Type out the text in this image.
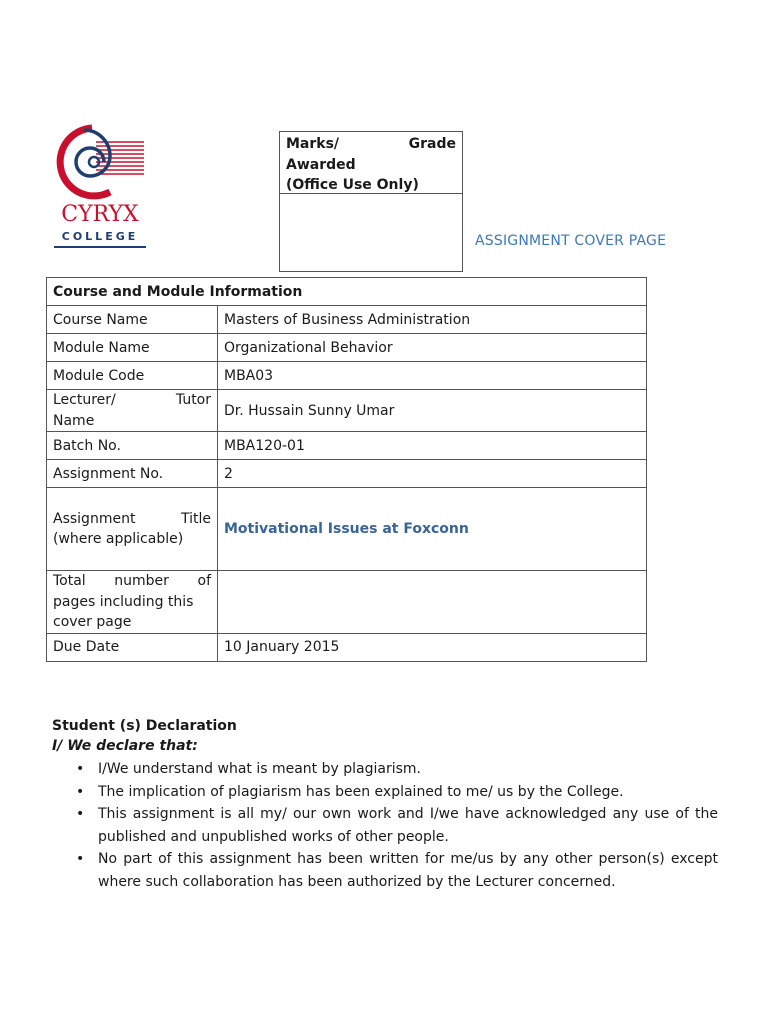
CYRYX
COLLEGE
Marks/	Grade
Awarded
(Office Use Only)
ASSIGNMENT COVER PAGE
Course and Module Information	
Course Name	Masters of Business Administration
Module Name	Organizational Behavior
Module Code	MBA03

Lecturer/ Tutor
Name	Dr. Hussain Sunny Umar
Batch No.	MBA120-01
Assignment No.	2

Assignment Title
(where applicable)	Motivational Issues at Foxconn

Total number of
pages including this
cover page	

Due Date	10 January 2015
Student (s) Declaration
I/ We declare that:
• I/We understand what is meant by plagiarism.
• The implication of plagiarism has been explained to me/ us by the College.
• This assignment is all my/ our own work and I/we have acknowledged any use of the published and unpublished works of other people.
• No part of this assignment has been written for me/us by any other person(s) except where such collaboration has been authorized by the Lecturer concerned.
